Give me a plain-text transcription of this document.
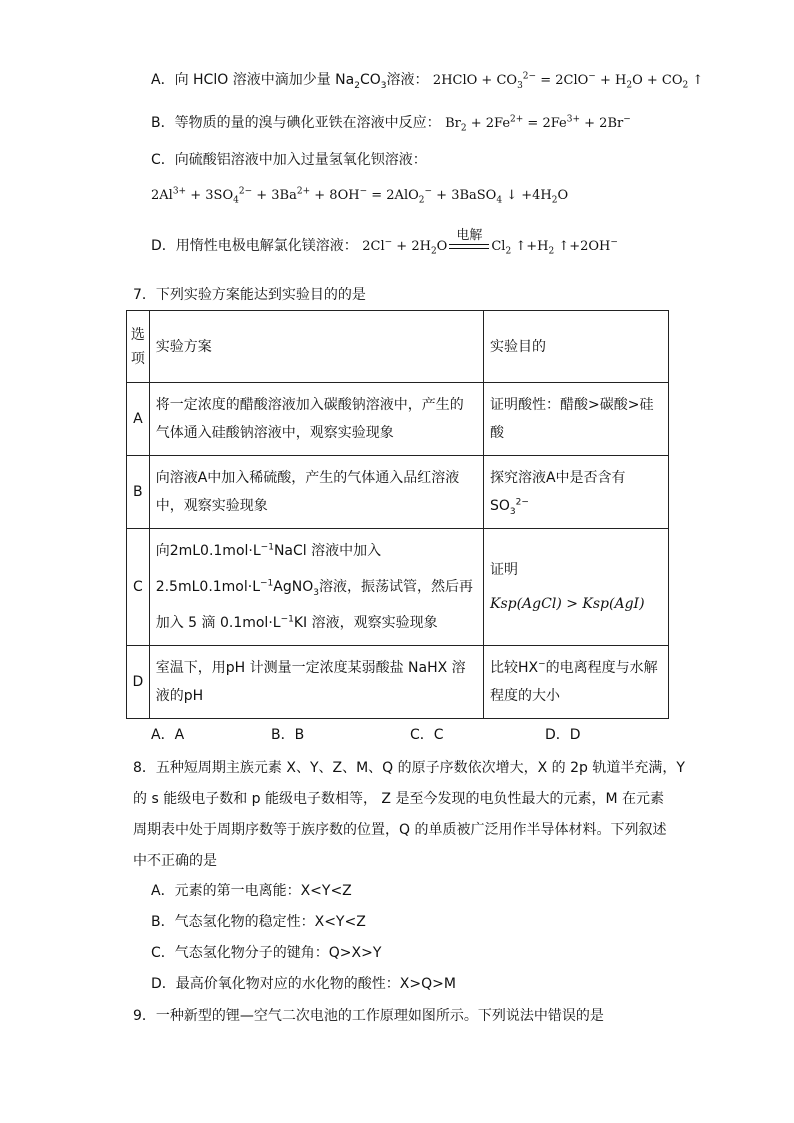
A．向 HClO 溶液中滴加少量 $Na_2CO_3$溶液： 2HClO + $CO_3^{2-} = 2ClO^- + H_2O + CO_2$ ↑
B．等物质的量的溴与碘化亚铁在溶液中反应： $Br_2 + 2Fe^{2+} = 2Fe^{3+} + 2Br^-$
C．向硫酸铝溶液中加入过量氢氧化钡溶液：
$2Al^{3+} + 3SO_4^{2-} + 3Ba^{2+} + 8OH^- = 2AlO_2^-$ + 3BaSO$_4$ ↓ $+4H_2O$
D．用惰性电极电解氯化镁溶液： $2Cl^- + 2H_2O$
电解
$Cl_2$ $↑+H_2$ ↑+2OH−
7．下列实验方案能达到实验目的的是
选
项	实验方案	实验目的
A	将一定浓度的醋酸溶液加入碳酸钠溶液中，产生的气体通入硅酸钠溶液中，观察实验现象	证明酸性：醋酸>碳酸>硅酸
B	向溶液A中加入稀硫酸，产生的气体通入品红溶液中，观察实验现象	探究溶液A中是否含有$SO_3^{2-}$
C	向$2mL0.1mol\cdot L^{-1}NaCl$ 溶液中加入
$2.5mL0.1mol\cdot L^{-1}AgNO_3$溶液，振荡试管，然后再加入 5 滴 $0.1mol\cdot L^{-1}KI$ 溶液，观察实验现象	证明
Ksp(AgCl) > Ksp(AgI)
D	室温下，用pH 计测量一定浓度某弱酸盐 NaHX 溶液的pH	比较HX−的电离程度与水解程度的大小
A．A	B．B	C．C	D．D
8．五种短周期主族元素 X、Y、Z、M、Q 的原子序数依次增大，X 的 2p 轨道半充满，Y
的 s 能级电子数和 p 能级电子数相等， Z 是至今发现的电负性最大的元素，M 在元素
周期表中处于周期序数等于族序数的位置，Q 的单质被广泛用作半导体材料。下列叙述
中不正确的是
A．元素的第一电离能：X<Y<Z
B．气态氢化物的稳定性：X<Y<Z
C．气态氢化物分子的键角：Q>X>Y
D．最高价氧化物对应的水化物的酸性：X>Q>M
9．一种新型的锂—空气二次电池的工作原理如图所示。下列说法中错误的是
